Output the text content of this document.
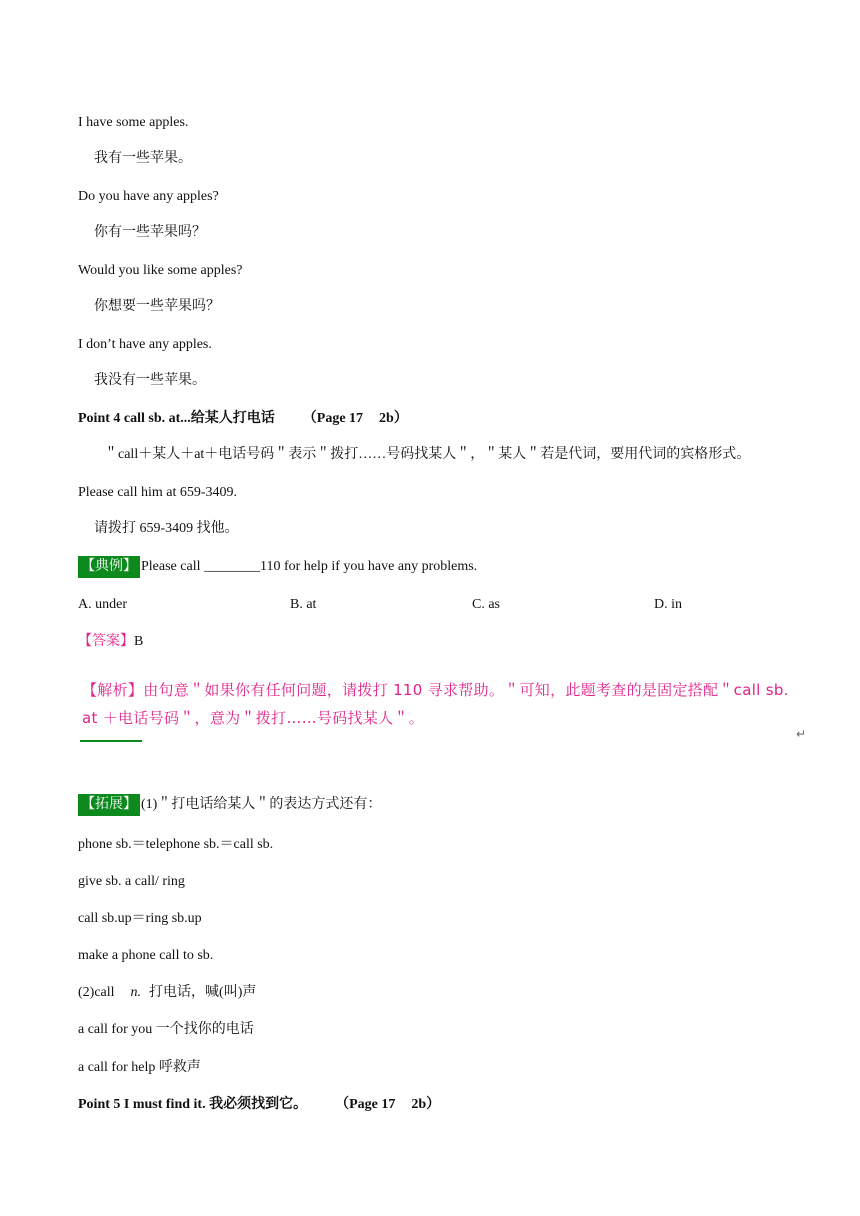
I have some apples.
我有一些苹果。
Do you have any apples?
你有一些苹果吗？
Would you like some apples?
你想要一些苹果吗？
I don’t have any apples.
我没有一些苹果。
Point 4 call sb. at...给某人打电话 （Page 17 2b）
＂call＋某人＋at＋电话号码＂表示＂拨打……号码找某人＂，＂某人＂若是代词，要用代词的宾格形式。
Please call him at 659-3409.
请拨打 659-3409 找他。
【典例】 Please call ________110 for help if you have any problems.
A. under	B. at	C. as	D. in
【答案】B
【解析】由句意＂如果你有任何问题，请拨打 110 寻求帮助。＂可知，此题考查的是固定搭配＂call sb. at ＋电话号码＂，意为＂拨打……号码找某人＂。
↵
【拓展】 (1)＂打电话给某人＂的表达方式还有：
phone sb.＝telephone sb.＝call sb.
give sb. a call/ ring
call sb.up＝ring sb.up
make a phone call to sb.
(2)call n. 打电话，喊(叫)声
a call for you 一个找你的电话
a call for help 呼救声
Point 5 I must find it. 我必须找到它。 （Page 17 2b）
